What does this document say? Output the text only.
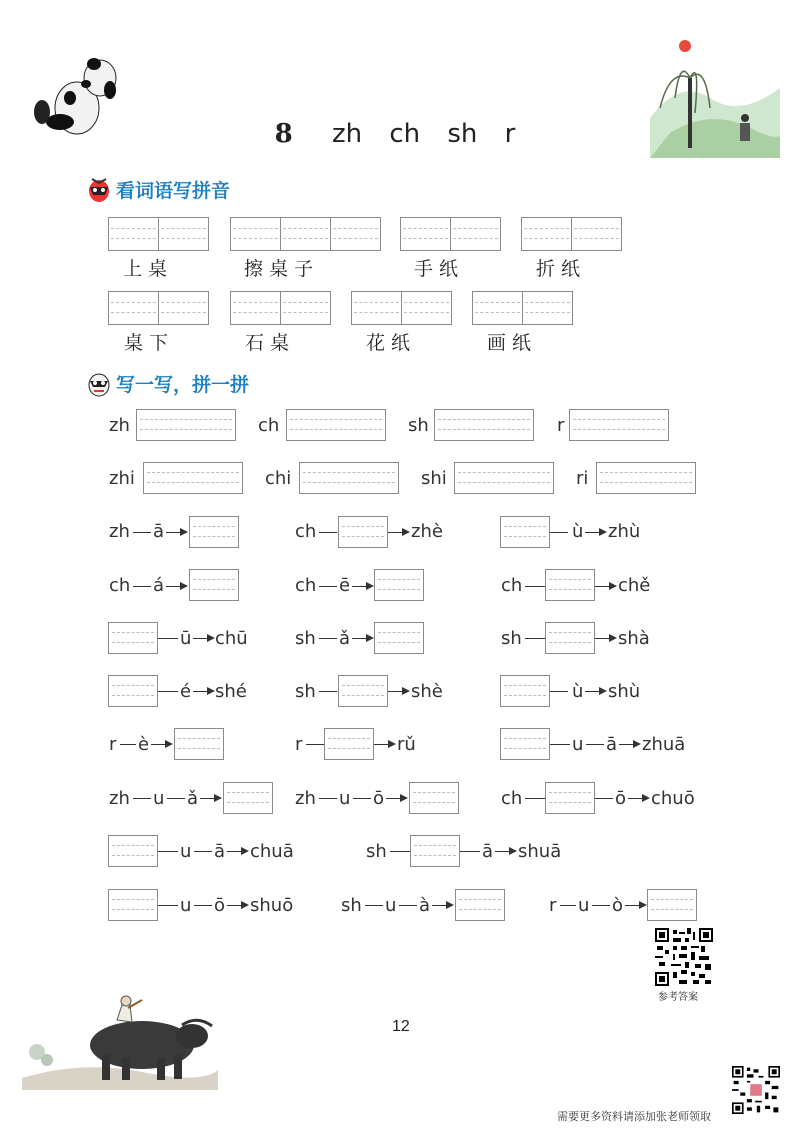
8 zh ch sh r
看词语写拼音
上 桌	擦 桌 子	手 纸	折 纸
桌 下	石 桌	花 纸	画 纸
写一写，拼一拼
zh	ch	sh	r
zhi	chi	shi	ri
zh ā	ch	zhè	ù zhù
ch á	ch ē	ch	chě
ū chū	sh ǎ	sh	shà
é shé	sh	shè	ù shù
r è	r	rǔ	u ā zhuā
zh u ǎ	zh u ō	ch	ō chuō
u ā chuā	sh	ā shuā
u ō shuō	sh u à	r u ò
参考答案
12
需要更多资料请添加张老师领取
